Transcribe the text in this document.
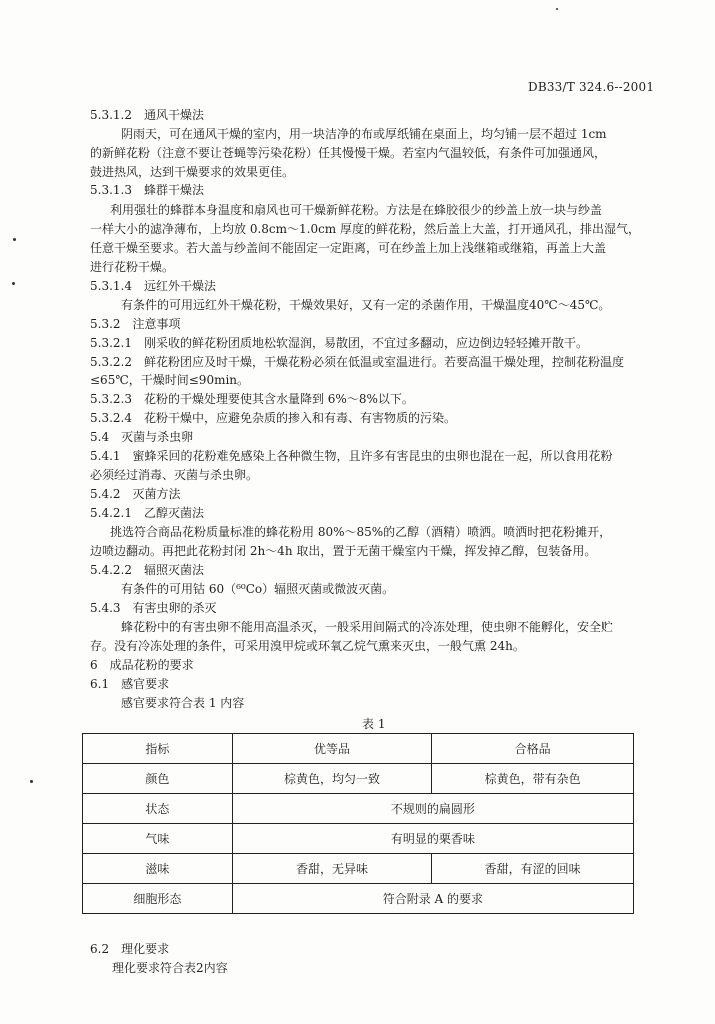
DB33/T 324.6--2001
5.3.1.2　通风干燥法
阴雨天，可在通风干燥的室内，用一块洁净的布或厚纸铺在桌面上，均匀铺一层不超过 1cm
的新鲜花粉（注意不要让苍蝇等污染花粉）任其慢慢干燥。若室内气温较低，有条件可加强通风，
鼓进热风，达到干燥要求的效果更佳。
5.3.1.3　蜂群干燥法
利用强壮的蜂群本身温度和扇风也可干燥新鲜花粉。方法是在蜂胶很少的纱盖上放一块与纱盖
一样大小的滤净薄布，上均放 0.8cm～1.0cm 厚度的鲜花粉，然后盖上大盖，打开通风孔，排出湿气，
任意干燥至要求。若大盖与纱盖间不能固定一定距离，可在纱盖上加上浅继箱或继箱，再盖上大盖
进行花粉干燥。
5.3.1.4　远红外干燥法
有条件的可用远红外干燥花粉，干燥效果好，又有一定的杀菌作用，干燥温度40℃～45℃。
5.3.2　注意事项
5.3.2.1　刚采收的鲜花粉团质地松软湿润，易散团，不宜过多翻动，应边倒边轻轻摊开散干。
5.3.2.2　鲜花粉团应及时干燥，干燥花粉必须在低温或室温进行。若要高温干燥处理，控制花粉温度
≤65℃，干燥时间≤90min。
5.3.2.3　花粉的干燥处理要使其含水量降到 6%～8%以下。
5.3.2.4　花粉干燥中，应避免杂质的掺入和有毒、有害物质的污染。
5.4　灭菌与杀虫卵
5.4.1　蜜蜂采回的花粉难免感染上各种微生物，且许多有害昆虫的虫卵也混在一起，所以食用花粉
必须经过消毒、灭菌与杀虫卵。
5.4.2　灭菌方法
5.4.2.1　乙醇灭菌法
挑选符合商品花粉质量标准的蜂花粉用 80%～85%的乙醇（酒精）喷洒。喷洒时把花粉摊开，
边喷边翻动。再把此花粉封闭 2h～4h 取出，置于无菌干燥室内干燥，挥发掉乙醇，包装备用。
5.4.2.2　辐照灭菌法
有条件的可用钴 60（⁶⁰Co）辐照灭菌或微波灭菌。
5.4.3　有害虫卵的杀灭
蜂花粉中的有害虫卵不能用高温杀灭，一般采用间隔式的冷冻处理，使虫卵不能孵化，安全贮
存。没有冷冻处理的条件，可采用溴甲烷或环氧乙烷气熏来灭虫，一般气熏 24h。
6　成品花粉的要求
6.1　感官要求
感官要求符合表 1 内容
表 1
指标	优等品	合格品
颜色	棕黄色，均匀一致	棕黄色，带有杂色
状态	不规则的扁圆形	
气味	有明显的栗香味	
滋味	香甜，无异味	香甜，有涩的回味
细胞形态	符合附录 A 的要求	
6.2　理化要求
理化要求符合表2内容
